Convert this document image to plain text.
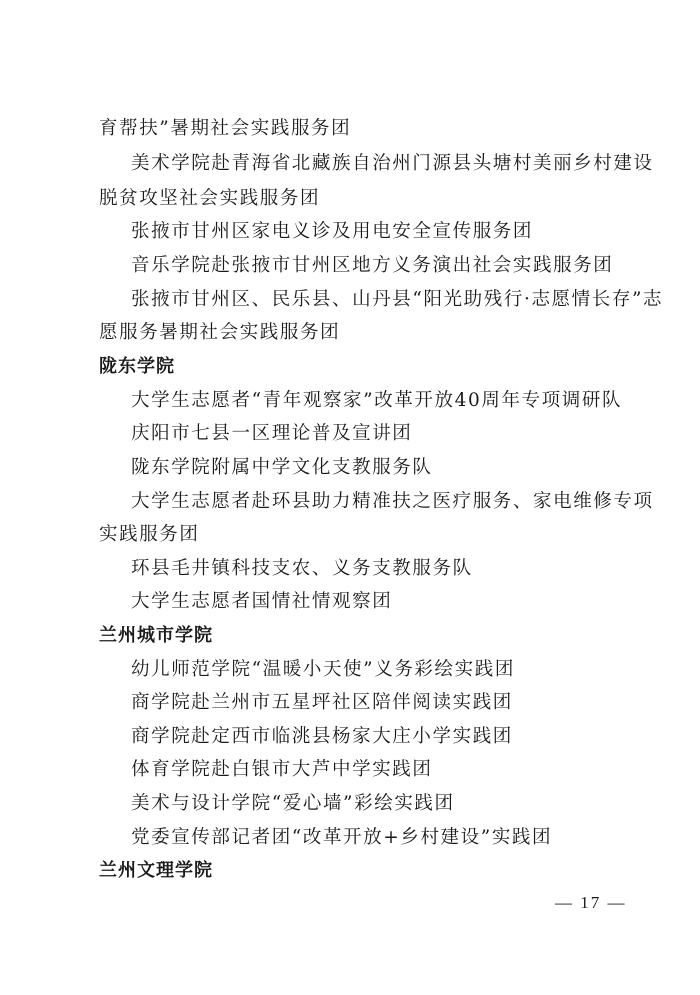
育帮扶”暑期社会实践服务团
美术学院赴青海省北藏族自治州门源县头塘村美丽乡村建设
脱贫攻坚社会实践服务团
张掖市甘州区家电义诊及用电安全宣传服务团
音乐学院赴张掖市甘州区地方义务演出社会实践服务团
张掖市甘州区、民乐县、山丹县“阳光助残行·志愿情长存”志
愿服务暑期社会实践服务团
陇东学院
大学生志愿者“青年观察家”改革开放40周年专项调研队
庆阳市七县一区理论普及宣讲团
陇东学院附属中学文化支教服务队
大学生志愿者赴环县助力精准扶之医疗服务、家电维修专项
实践服务团
环县毛井镇科技支农、义务支教服务队
大学生志愿者国情社情观察团
兰州城市学院
幼儿师范学院“温暖小天使”义务彩绘实践团
商学院赴兰州市五星坪社区陪伴阅读实践团
商学院赴定西市临洮县杨家大庄小学实践团
体育学院赴白银市大芦中学实践团
美术与设计学院“爱心墙”彩绘实践团
党委宣传部记者团“改革开放+乡村建设”实践团
兰州文理学院
— 17 —
